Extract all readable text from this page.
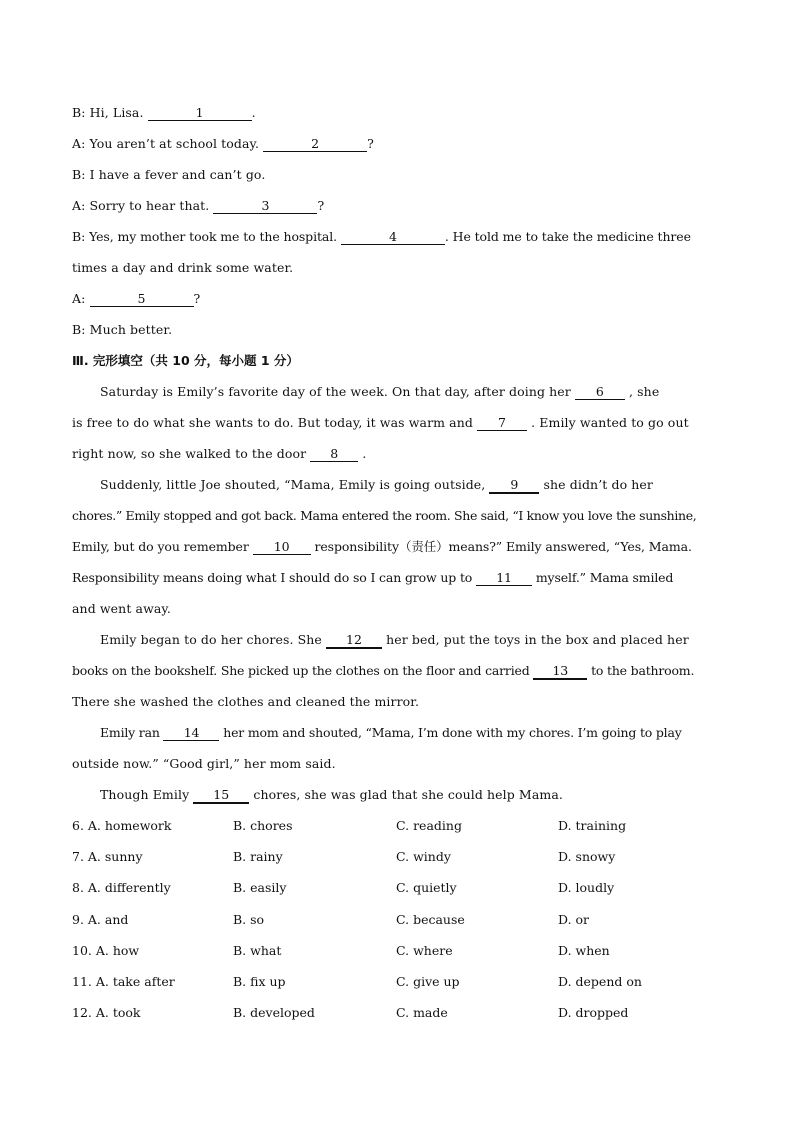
B: Hi, Lisa.	1	.
A: You aren’t at school today.	2	?
B: I have a fever and can’t go.
A: Sorry to hear that.	3	?
B: Yes, my mother took me to the hospital.	4	. He told me to take the medicine three
times a day and drink some water.
A:	5	?
B: Much better.
Ⅲ. 完形填空（共 10 分，每小题 1 分）
Saturday is Emily’s favorite day of the week. On that day, after doing her 6 , she
is free to do what she wants to do. But today, it was warm and 7 . Emily wanted to go out
right now, so she walked to the door 8 .
Suddenly, little Joe shouted, “Mama, Emily is going outside, 9 she didn’t do her
chores.” Emily stopped and got back. Mama entered the room. She said, “I know you love the sunshine,
Emily, but do you remember 10 responsibility（责任）means?” Emily answered, “Yes, Mama.
Responsibility means doing what I should do so I can grow up to 11 myself.” Mama smiled
and went away.
Emily began to do her chores. She 12 her bed, put the toys in the box and placed her
books on the bookshelf. She picked up the clothes on the floor and carried 13 to the bathroom.
There she washed the clothes and cleaned the mirror.
Emily ran 14 her mom and shouted, “Mama, I’m done with my chores. I’m going to play
outside now.” “Good girl,” her mom said.
Though Emily 15 chores, she was glad that she could help Mama.
6. A. homework	B. chores	C. reading	D. training
7. A. sunny	B. rainy	C. windy	D. snowy
8. A. differently	B. easily	C. quietly	D. loudly
9. A. and	B. so	C. because	D. or
10. A. how	B. what	C. where	D. when
11. A. take after	B. fix up	C. give up	D. depend on
12. A. took	B. developed	C. made	D. dropped
